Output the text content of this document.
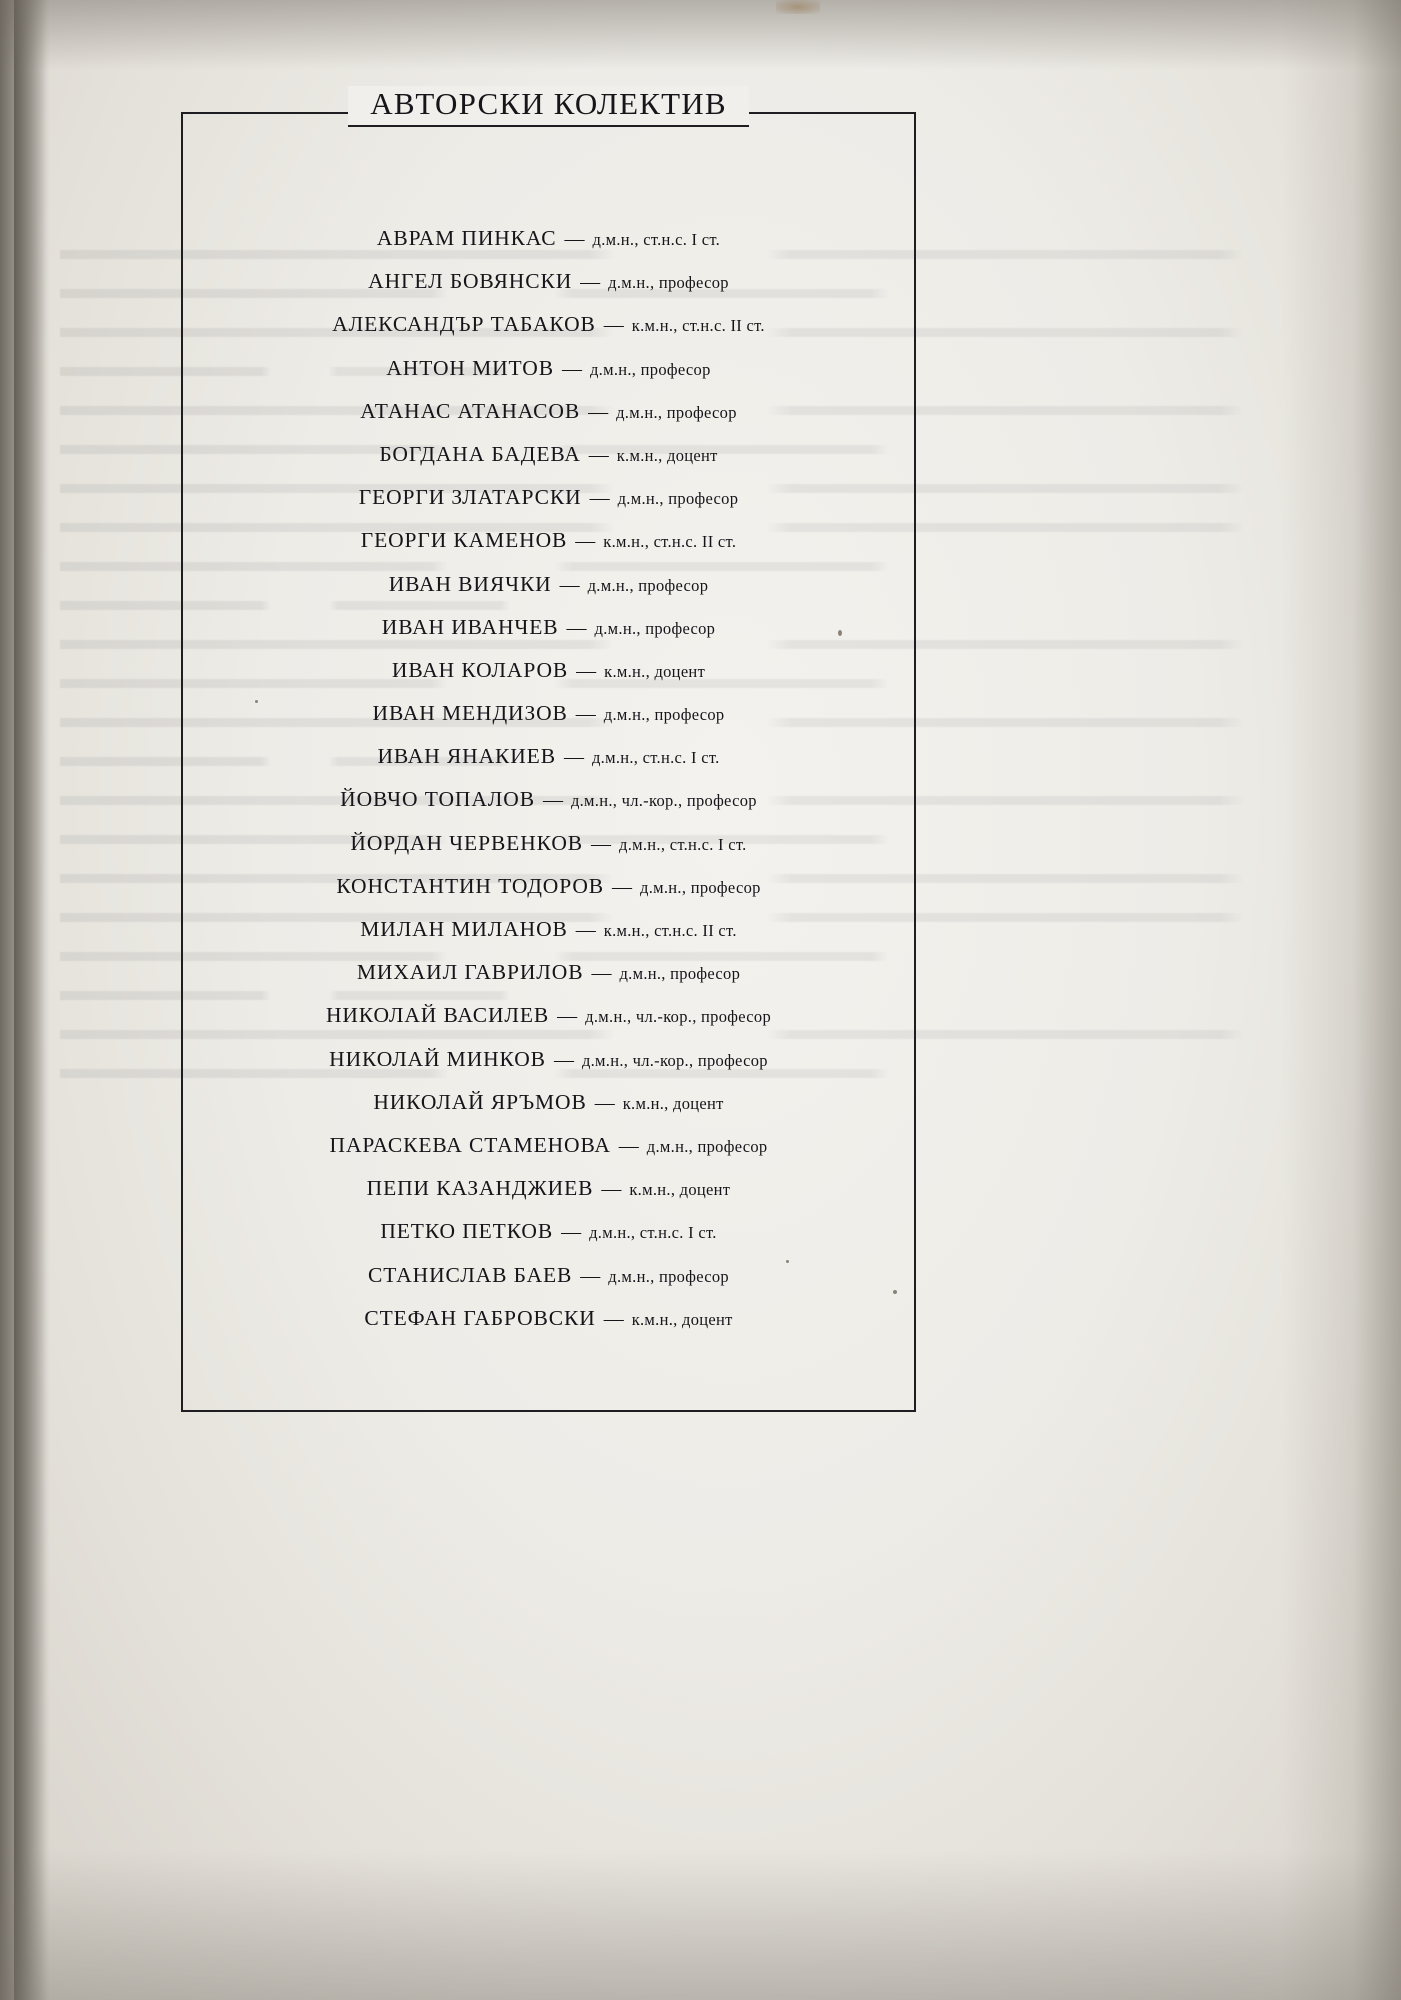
АВТОРСКИ КОЛЕКТИВ
АВРАМ ПИНКАС — д.м.н., ст.н.с. I ст.
АНГЕЛ БОВЯНСКИ — д.м.н., професор
АЛЕКСАНДЪР ТАБАКОВ — к.м.н., ст.н.с. II ст.
АНТОН МИТОВ — д.м.н., професор
АТАНАС АТАНАСОВ — д.м.н., професор
БОГДАНА БАДЕВА — к.м.н., доцент
ГЕОРГИ ЗЛАТАРСКИ — д.м.н., професор
ГЕОРГИ КАМЕНОВ — к.м.н., ст.н.с. II ст.
ИВАН ВИЯЧКИ — д.м.н., професор
ИВАН ИВАНЧЕВ — д.м.н., професор
ИВАН КОЛАРОВ — к.м.н., доцент
ИВАН МЕНДИЗОВ — д.м.н., професор
ИВАН ЯНАКИЕВ — д.м.н., ст.н.с. I ст.
ЙОВЧО ТОПАЛОВ — д.м.н., чл.-кор., професор
ЙОРДАН ЧЕРВЕНКОВ — д.м.н., ст.н.с. I ст.
КОНСТАНТИН ТОДОРОВ — д.м.н., професор
МИЛАН МИЛАНОВ — к.м.н., ст.н.с. II ст.
МИХАИЛ ГАВРИЛОВ — д.м.н., професор
НИКОЛАЙ ВАСИЛЕВ — д.м.н., чл.-кор., професор
НИКОЛАЙ МИНКОВ — д.м.н., чл.-кор., професор
НИКОЛАЙ ЯРЪМОВ — к.м.н., доцент
ПАРАСКЕВА СТАМЕНОВА — д.м.н., професор
ПЕПИ КАЗАНДЖИЕВ — к.м.н., доцент
ПЕТКО ПЕТКОВ — д.м.н., ст.н.с. I ст.
СТАНИСЛАВ БАЕВ — д.м.н., професор
СТЕФАН ГАБРОВСКИ — к.м.н., доцент
